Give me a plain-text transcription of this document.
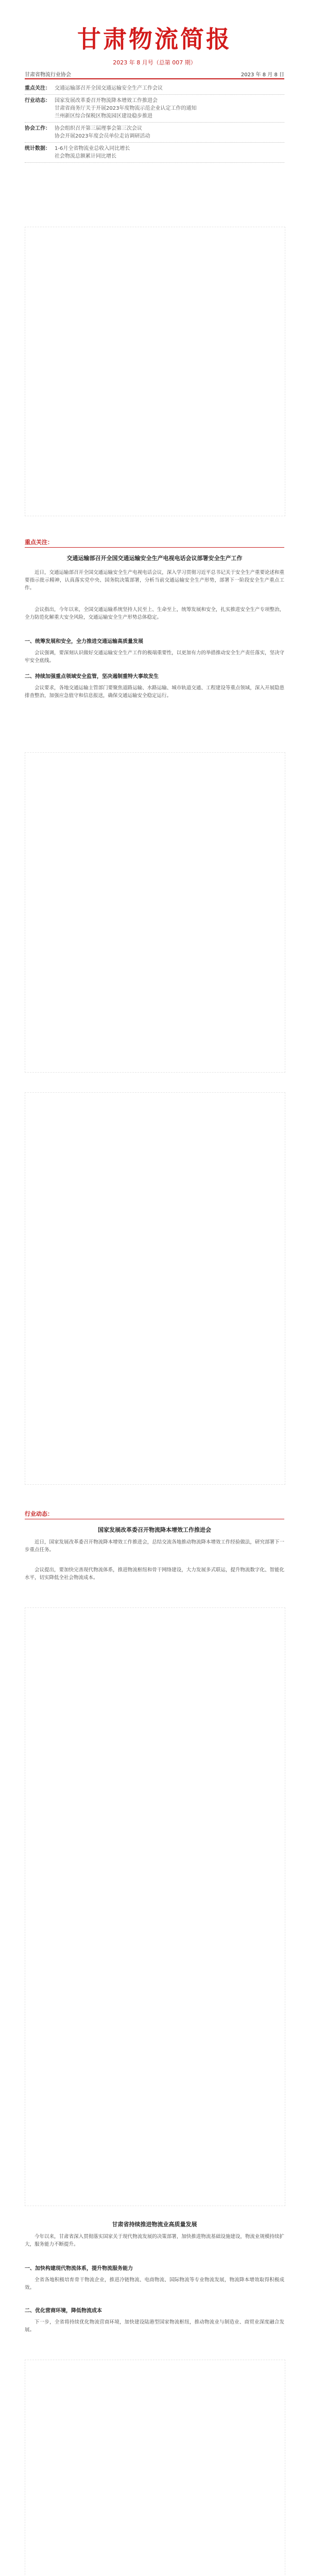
甘肃物流简报
2023 年 8 月号（总第 007 期）
甘肃省物流行业协会	2023 年 8 月 8 日
重点关注： 交通运输部召开全国交通运输安全生产工作会议
行业动态： 国家发展改革委召开物流降本增效工作推进会
甘肃省商务厅关于开展2023年度物流示范企业认定工作的通知
兰州新区综合保税区物流园区建设稳步推进
协会工作： 协会组织召开第三届理事会第三次会议
协会开展2023年度会员单位走访调研活动
统计数据： 1-6月全省物流业总收入同比增长
社会物流总额累计同比增长
重点关注：
交通运输部召开全国交通运输安全生产电视电话会议部署安全生产工作
近日，交通运输部召开全国交通运输安全生产电视电话会议，深入学习贯彻习近平总书记关于安全生产重要论述和重要指示批示精神，认真落实党中央、国务院决策部署，分析当前交通运输安全生产形势，部署下一阶段安全生产重点工作。
会议指出，今年以来，全国交通运输系统坚持人民至上、生命至上，统筹发展和安全，扎实推进安全生产专项整治，全力防范化解重大安全风险，交通运输安全生产形势总体稳定。
一、统筹发展和安全，全力推进交通运输高质量发展
会议强调，要深刻认识做好交通运输安全生产工作的极端重要性，以更加有力的举措推动安全生产责任落实，坚决守牢安全底线。
二、持续加强重点领域安全监管，坚决遏制重特大事故发生
会议要求，各地交通运输主管部门要聚焦道路运输、水路运输、城市轨道交通、工程建设等重点领域，深入开展隐患排查整治，加强应急值守和信息报送，确保交通运输安全稳定运行。
行业动态：
国家发展改革委召开物流降本增效工作推进会
近日，国家发展改革委召开物流降本增效工作推进会，总结交流各地推动物流降本增效工作经验做法，研究部署下一步重点任务。
会议提出，要加快完善现代物流体系，推进物流枢纽和骨干网络建设，大力发展多式联运，提升物流数字化、智能化水平，切实降低全社会物流成本。
甘肃省持续推进物流业高质量发展
今年以来，甘肃省深入贯彻落实国家关于现代物流发展的决策部署，加快推进物流基础设施建设，物流业规模持续扩大，服务能力不断提升。
一、加快构建现代物流体系，提升物流服务能力
全省各地积极培育骨干物流企业，推进冷链物流、电商物流、国际物流等专业物流发展，物流降本增效取得积极成效。
二、优化营商环境，降低物流成本
下一步，全省将持续优化物流营商环境，加快建设陆港型国家物流枢纽，推动物流业与制造业、商贸业深度融合发展。
